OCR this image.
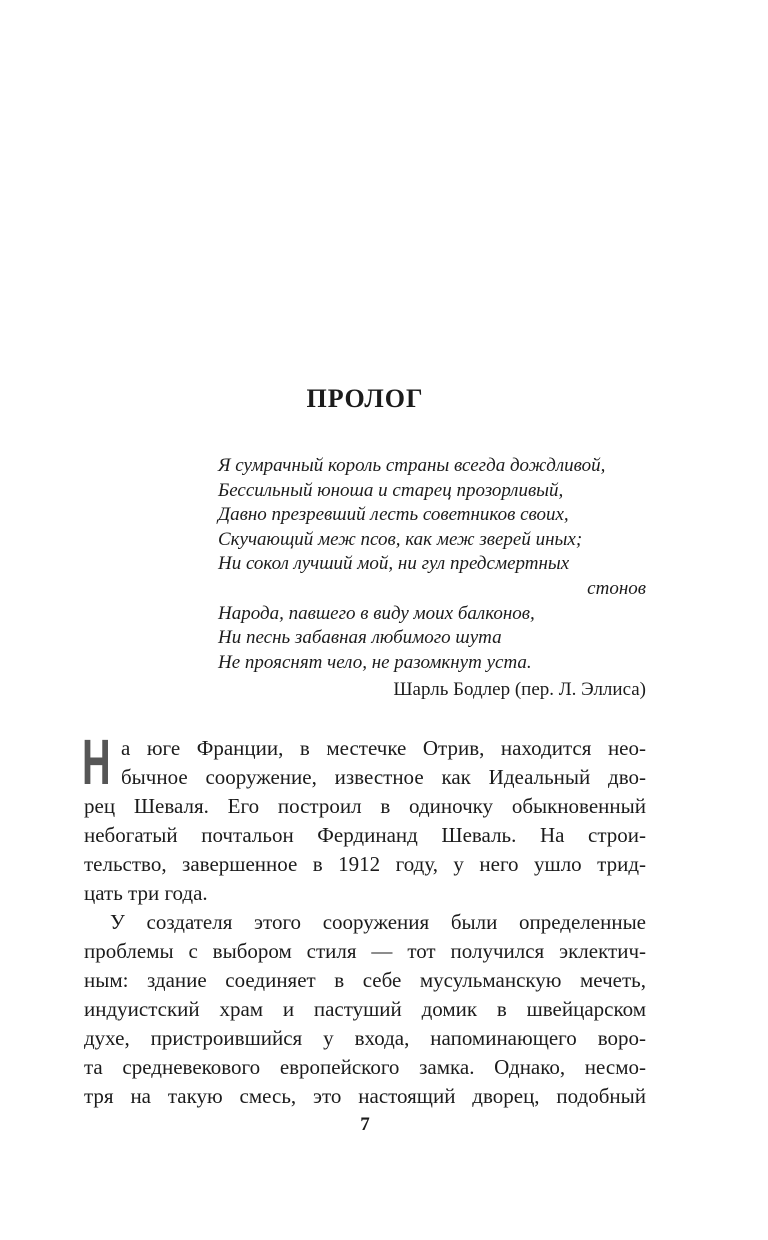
ПРОЛОГ
Я сумрачный король страны всегда дождливой,
Бессильный юноша и старец прозорливый,
Давно презревший лесть советников своих,
Скучающий меж псов, как меж зверей иных;
Ни сокол лучший мой, ни гул предсмертных
стонов
Народа, павшего в виду моих балконов,
Ни песнь забавная любимого шута
Не прояснят чело, не разомкнут уста.
Шарль Бодлер (пер. Л. Эллиса)
Н а юге Франции, в местечке Отрив, находится нео-
бычное сооружение, известное как Идеальный дво-
рец Шеваля. Его построил в одиночку обыкновенный
небогатый почтальон Фердинанд Шеваль. На строи-
тельство, завершенное в 1912 году, у него ушло трид-
цать три года.
У создателя этого сооружения были определенные
проблемы с выбором стиля — тот получился эклектич-
ным: здание соединяет в себе мусульманскую мечеть,
индуистский храм и пастуший домик в швейцарском
духе, пристроившийся у входа, напоминающего воро-
та средневекового европейского замка. Однако, несмо-
тря на такую смесь, это настоящий дворец, подобный
7
